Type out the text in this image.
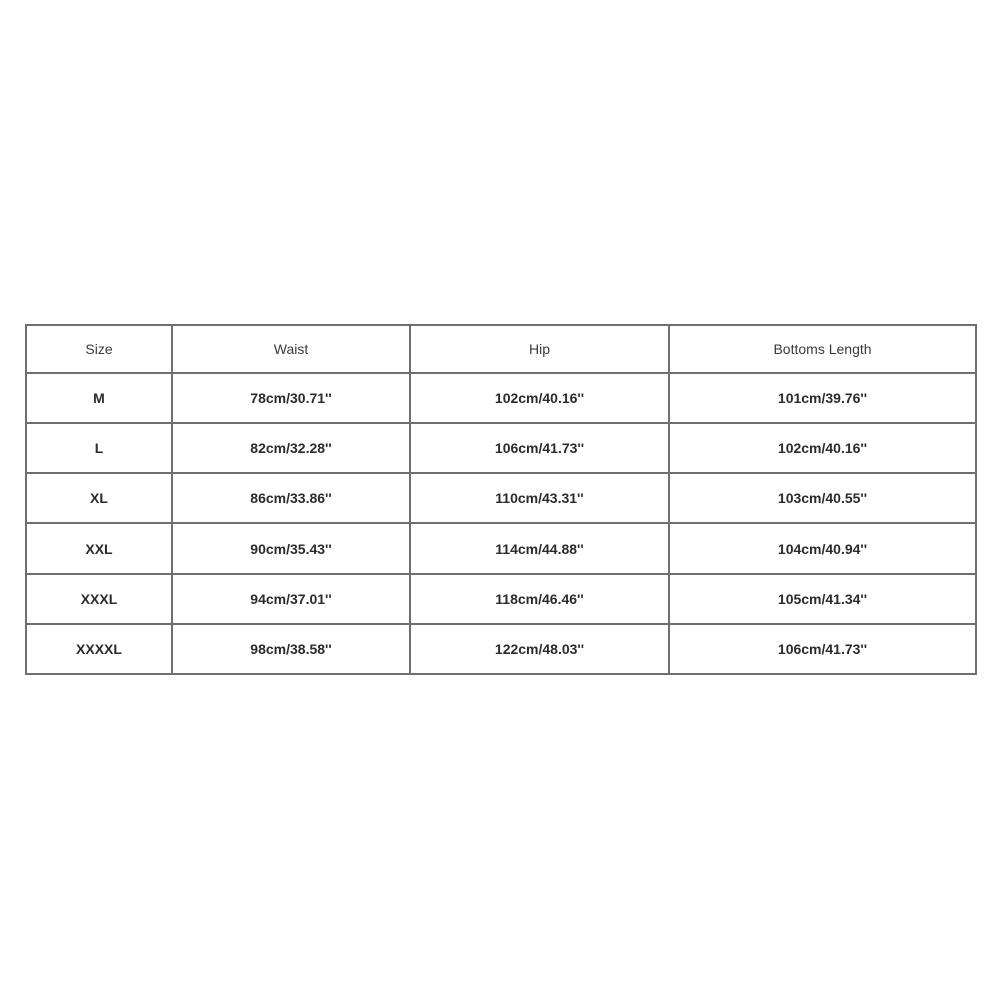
Size	Waist	Hip	Bottoms Length
M	78cm/30.71''	102cm/40.16''	101cm/39.76''
L	82cm/32.28''	106cm/41.73''	102cm/40.16''
XL	86cm/33.86''	110cm/43.31''	103cm/40.55''
XXL	90cm/35.43''	114cm/44.88''	104cm/40.94''
XXXL	94cm/37.01''	118cm/46.46''	105cm/41.34''
XXXXL	98cm/38.58''	122cm/48.03''	106cm/41.73''
